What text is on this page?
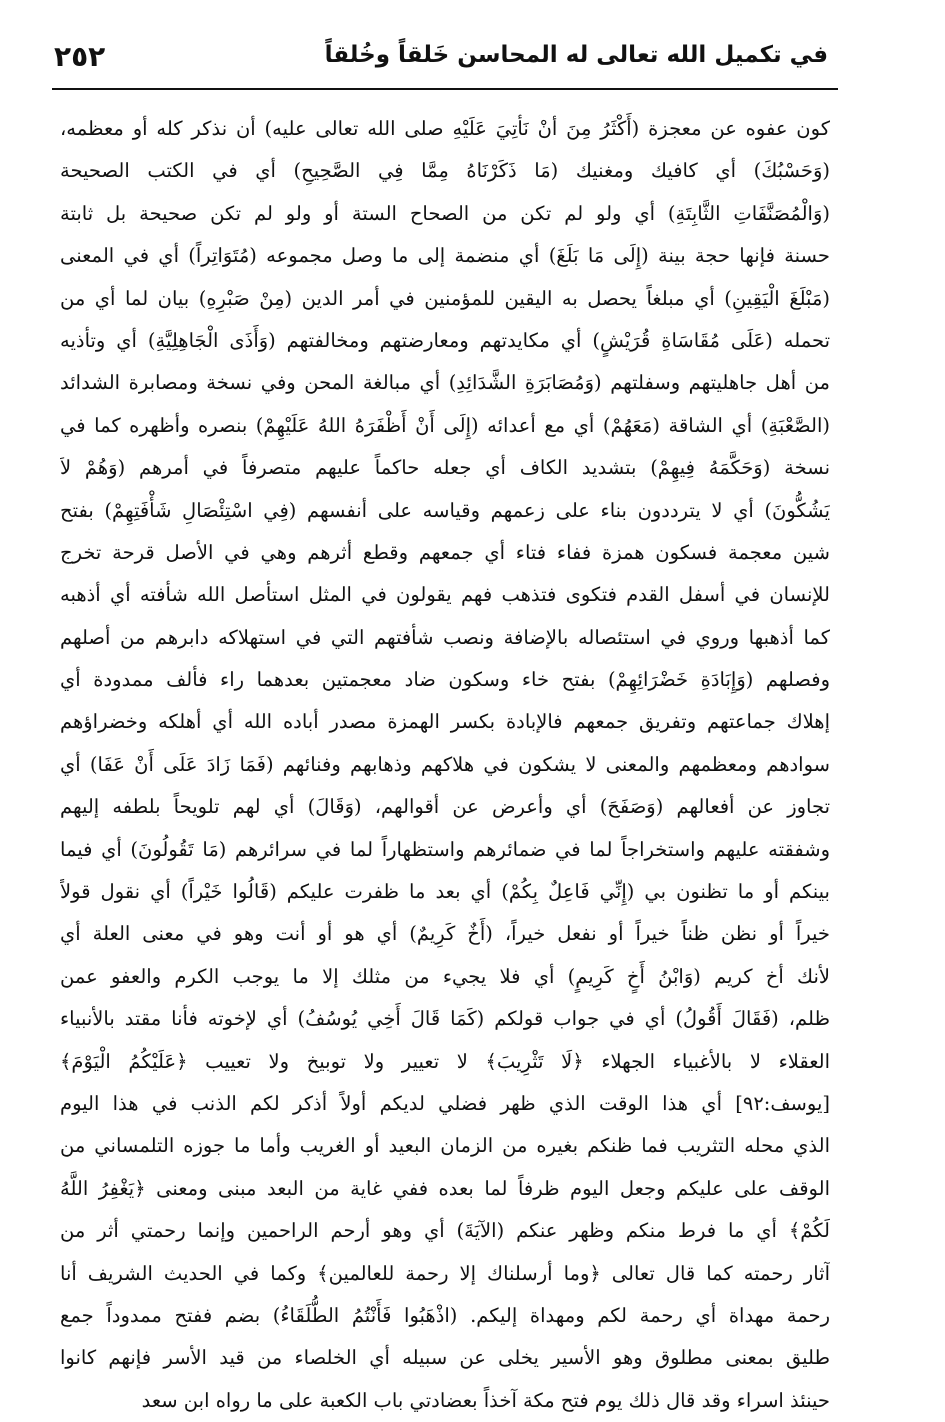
في تكميل الله تعالى له المحاسن خَلقاً وخُلقاً
٢٥٢
كون عفوه عن معجزة (أَكْثَرُ مِنَ أنْ نَأتِيَ عَلَيْهِ صلى الله تعالى عليه) أن نذكر كله أو معظمه،
(وَحَسْبُكَ) أي كافيك ومغنيك (مَا ذَكَرْنَاهُ مِمَّا فِي الصَّحِيحِ) أي في الكتب الصحيحة
(وَالْمُصَنَّفَاتِ الثَّابِتَةِ) أي ولو لم تكن من الصحاح الستة أو ولو لم تكن صحيحة بل ثابتة
حسنة فإنها حجة بينة (إِلَى مَا بَلَغَ) أي منضمة إلى ما وصل مجموعه (مُتَوَاتِراً) أي في المعنى
(مَبْلَغَ الْيَقِينِ) أي مبلغاً يحصل به اليقين للمؤمنين في أمر الدين (مِنْ صَبْرِهِ) بيان لما أي من
تحمله (عَلَى مُقَاسَاةِ قُرَيْشٍ) أي مكايدتهم ومعارضتهم ومخالفتهم (وَأَذَى الْجَاهِلِيَّةِ) أي وتأذيه
من أهل جاهليتهم وسفلتهم (وَمُصَابَرَةِ الشَّدَائِدِ) أي مبالغة المحن وفي نسخة ومصابرة الشدائد
(الصَّعْبَةِ) أي الشاقة (مَعَهُمْ) أي مع أعدائه (إِلَى أَنْ أَظْفَرَهُ اللهُ عَلَيْهِمْ) بنصره وأظهره كما في
نسخة (وَحَكَّمَهُ فِيهِمْ) بتشديد الكاف أي جعله حاكماً عليهم متصرفاً في أمرهم (وَهُمْ لاَ
يَشُكُّونَ) أي لا يترددون بناء على زعمهم وقياسه على أنفسهم (فِي اسْتِئْصَالِ شَأْفَتِهِمْ) بفتح
شين معجمة فسكون همزة ففاء فتاء أي جمعهم وقطع أثرهم وهي في الأصل قرحة تخرج
للإنسان في أسفل القدم فتكوى فتذهب فهم يقولون في المثل استأصل الله شأفته أي أذهبه
كما أذهبها وروي في استئصاله بالإضافة ونصب شأفتهم التي في استهلاكه دابرهم من أصلهم
وفصلهم (وَإِبَادَةِ خَضْرَائِهِمْ) بفتح خاء وسكون ضاد معجمتين بعدهما راء فألف ممدودة أي
إهلاك جماعتهم وتفريق جمعهم فالإبادة بكسر الهمزة مصدر أباده الله أي أهلكه وخضراؤهم
سوادهم ومعظمهم والمعنى لا يشكون في هلاكهم وذهابهم وفنائهم (فَمَا زَادَ عَلَى أَنْ عَفَا) أي
تجاوز عن أفعالهم (وَصَفَحَ) أي وأعرض عن أقوالهم، (وَقَالَ) أي لهم تلويحاً بلطفه إليهم
وشفقته عليهم واستخراجاً لما في ضمائرهم واستظهاراً لما في سرائرهم (مَا تَقُولُونَ) أي فيما
بينكم أو ما تظنون بي (إِنِّي فَاعِلٌ بِكُمْ) أي بعد ما ظفرت عليكم (قَالُوا خَيْراً) أي نقول قولاً
خيراً أو نظن ظناً خيراً أو نفعل خيراً، (أَخٌ كَرِيمٌ) أي هو أو أنت وهو في معنى العلة أي
لأنك أخ كريم (وَابْنُ أَخٍ كَرِيمٍ) أي فلا يجيء من مثلك إلا ما يوجب الكرم والعفو عمن
ظلم، (فَقَالَ أَقُولُ) أي في جواب قولكم (كَمَا قَالَ أَخِي يُوسُفُ) أي لإخوته فأنا مقتد بالأنبياء
العقلاء لا بالأغبياء الجهلاء ﴿لَا تَثْرِيبَ﴾ لا تعيير ولا توبيخ ولا تعييب ﴿عَلَيْكُمُ الْيَوْمَ﴾
[يوسف:٩٢] أي هذا الوقت الذي ظهر فضلي لديكم أولاً أذكر لكم الذنب في هذا اليوم
الذي محله التثريب فما ظنكم بغيره من الزمان البعيد أو الغريب وأما ما جوزه التلمساني من
الوقف على عليكم وجعل اليوم ظرفاً لما بعده ففي غاية من البعد مبنى ومعنى ﴿يَغْفِرُ اللَّهُ
لَكُمْ﴾ أي ما فرط منكم وظهر عنكم (الآيَةَ) أي وهو أرحم الراحمين وإنما رحمتي أثر من
آثار رحمته كما قال تعالى ﴿وما أرسلناك إلا رحمة للعالمين﴾ وكما في الحديث الشريف أنا
رحمة مهداة أي رحمة لكم ومهداة إليكم. (اذْهَبُوا فَأَنْتُمُ الطُّلَقَاءُ) بضم ففتح ممدوداً جمع
طليق بمعنى مطلوق وهو الأسير يخلى عن سبيله أي الخلصاء من قيد الأسر فإنهم كانوا
حينئذ اسراء وقد قال ذلك يوم فتح مكة آخذاً بعضادتي باب الكعبة على ما رواه ابن سعد
